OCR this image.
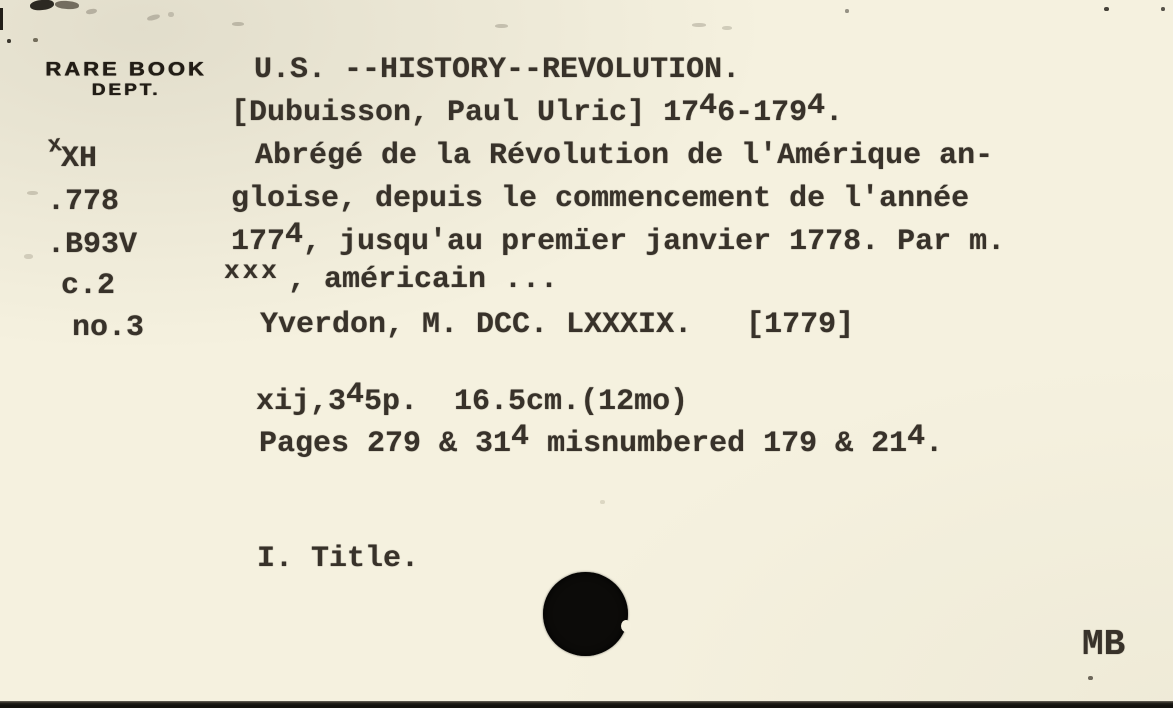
RARE BOOK
DEPT.
x
XH
.778
.B93V
c.2
no.3
U.S. --HISTORY--REVOLUTION.
[Dubuisson, Paul Ulric] 1746-1794.
Abrégé de la Révolution de l'Amérique an-
gloise, depuis le commencement de l'année
1774, jusqu'au premïer janvier 1778. Par m.
xxx , américain ...
Yverdon, M. DCC. LXXXIX.   [1779]
xij,345p.  16.5cm.(12mo)
Pages 279 & 314 misnumbered 179 & 214.
I. Title.
MB
